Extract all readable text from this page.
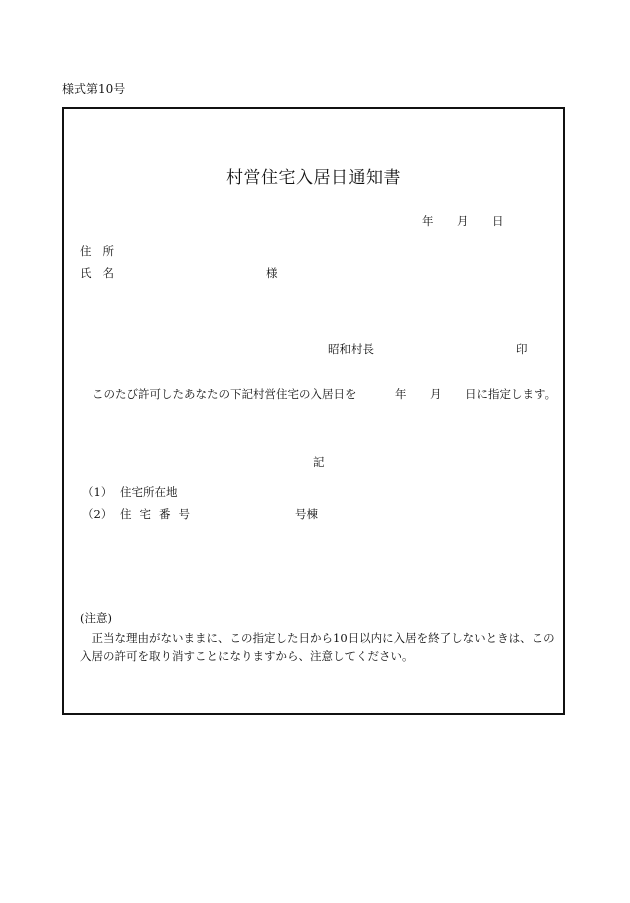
様式第10号
村営住宅入居日通知書
年 月 日
住所
氏名	様
昭和村長	印
このたび許可したあなたの下記村営住宅の入居日を	年 月 日に指定します。
記
（1） 住宅所在地
（2） 住宅番号	号棟
(注意)
正当な理由がないままに、この指定した日から10日以内に入居を終了しないときは、この入居の許可を取り消すことになりますから、注意してください。
